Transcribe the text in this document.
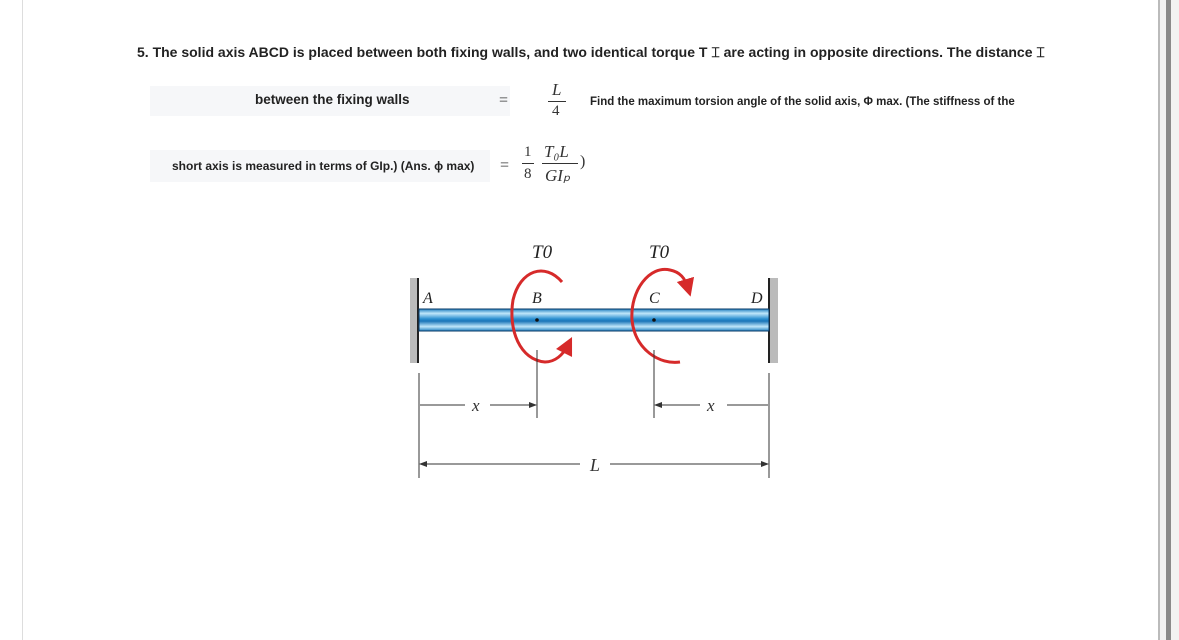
5. The solid axis ABCD is placed between both fixing walls, and two identical torque T ⌶ are acting in opposite directions. The distance ⌶
between the fixing walls	=
L
4
Find the maximum torsion angle of the solid axis, Φ max. (The stiffness of the
short axis is measured in terms of GIp.) (Ans. ɸ max) =
1
8
T₀L
GIₚ
)
T0	T0
A	B	C	D
x	x
L
